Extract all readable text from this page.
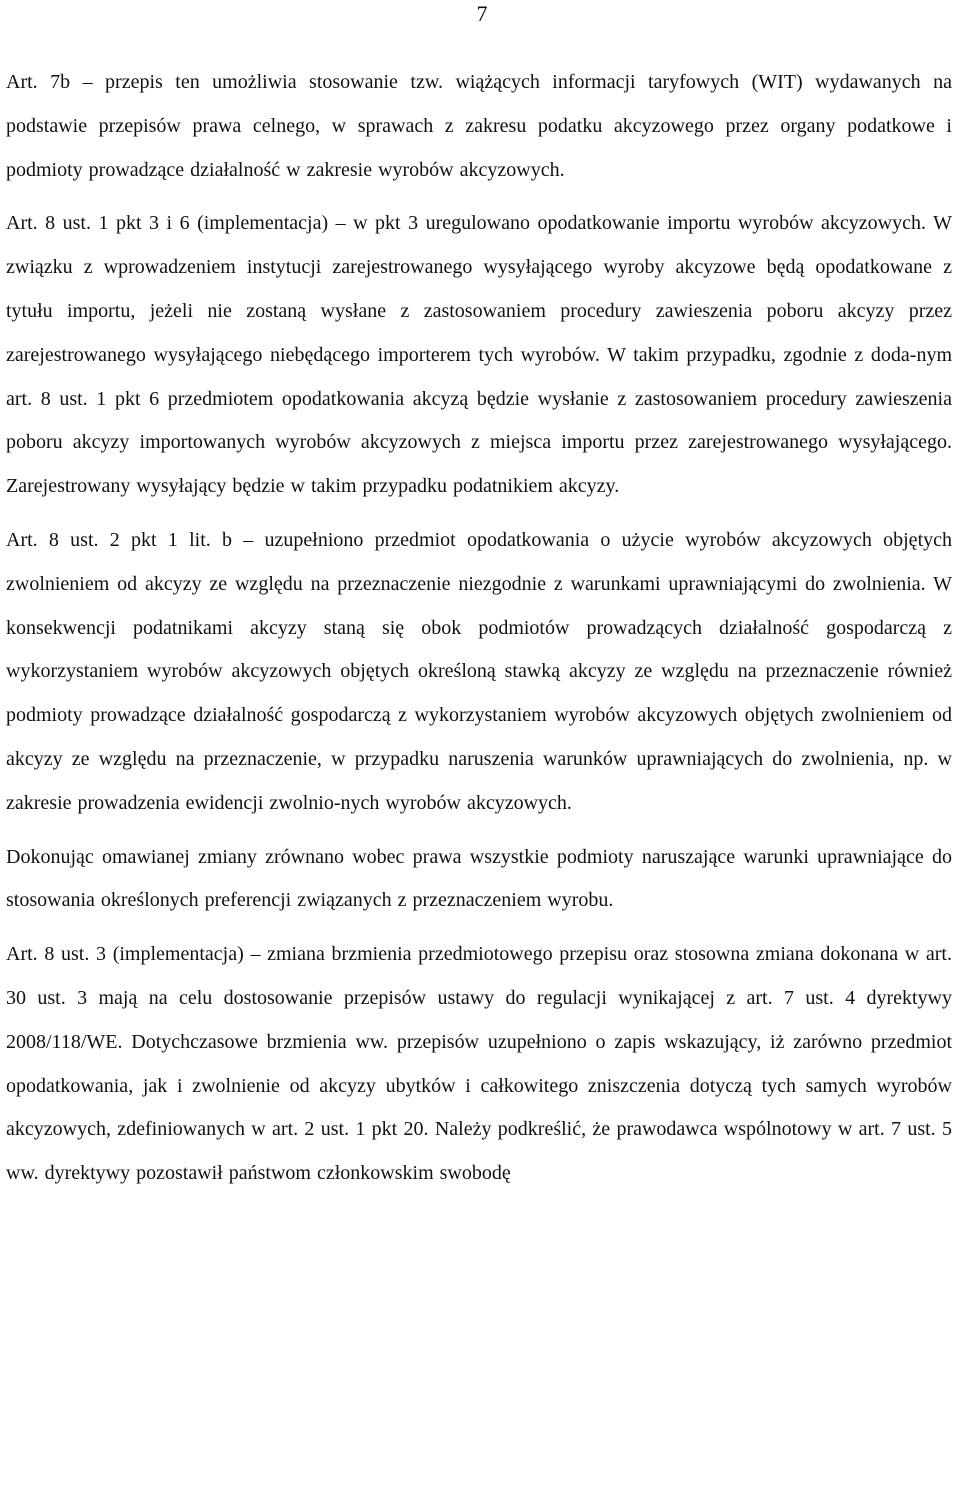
7

Art. 7b – przepis ten umożliwia stosowanie tzw. wiążących informacji taryfowych (WIT) wydawanych na podstawie przepisów prawa celnego, w sprawach z zakresu podatku akcyzowego przez organy podatkowe i podmioty prowadzące działalność w zakresie wyrobów akcyzowych.

Art. 8 ust. 1 pkt 3 i 6 (implementacja) – w pkt 3 uregulowano opodatkowanie importu wyrobów akcyzowych. W związku z wprowadzeniem instytucji zarejestrowanego wysyłającego wyroby akcyzowe będą opodatkowane z tytułu importu, jeżeli nie zostaną wysłane z zastosowaniem procedury zawieszenia poboru akcyzy przez zarejestrowanego wysyłającego niebędącego importerem tych wyrobów. W takim przypadku, zgodnie z doda-nym art. 8 ust. 1 pkt 6 przedmiotem opodatkowania akcyzą będzie wysłanie z zastosowaniem procedury zawieszenia poboru akcyzy importowanych wyrobów akcyzowych z miejsca importu przez zarejestrowanego wysyłającego. Zarejestrowany wysyłający będzie w takim przypadku podatnikiem akcyzy.

Art. 8 ust. 2 pkt 1 lit. b – uzupełniono przedmiot opodatkowania o użycie wyrobów akcyzowych objętych zwolnieniem od akcyzy ze względu na przeznaczenie niezgodnie z warunkami uprawniającymi do zwolnienia. W konsekwencji podatnikami akcyzy staną się obok podmiotów prowadzących działalność gospodarczą z wykorzystaniem wyrobów akcyzowych objętych określoną stawką akcyzy ze względu na przeznaczenie również podmioty prowadzące działalność gospodarczą z wykorzystaniem wyrobów akcyzowych objętych zwolnieniem od akcyzy ze względu na przeznaczenie, w przypadku naruszenia warunków uprawniających do zwolnienia, np. w zakresie prowadzenia ewidencji zwolnio-nych wyrobów akcyzowych.

Dokonując omawianej zmiany zrównano wobec prawa wszystkie podmioty naruszające warunki uprawniające do stosowania określonych preferencji związanych z przeznaczeniem wyrobu.

Art. 8 ust. 3 (implementacja) – zmiana brzmienia przedmiotowego przepisu oraz stosowna zmiana dokonana w art. 30 ust. 3 mają na celu dostosowanie przepisów ustawy do regulacji wynikającej z art. 7 ust. 4 dyrektywy 2008/118/WE. Dotychczasowe brzmienia ww. przepisów uzupełniono o zapis wskazujący, iż zarówno przedmiot opodatkowania, jak i zwolnienie od akcyzy ubytków i całkowitego zniszczenia dotyczą tych samych wyrobów akcyzowych, zdefiniowanych w art. 2 ust. 1 pkt 20. Należy podkreślić, że prawodawca wspólnotowy w art. 7 ust. 5 ww. dyrektywy pozostawił państwom członkowskim swobodę
